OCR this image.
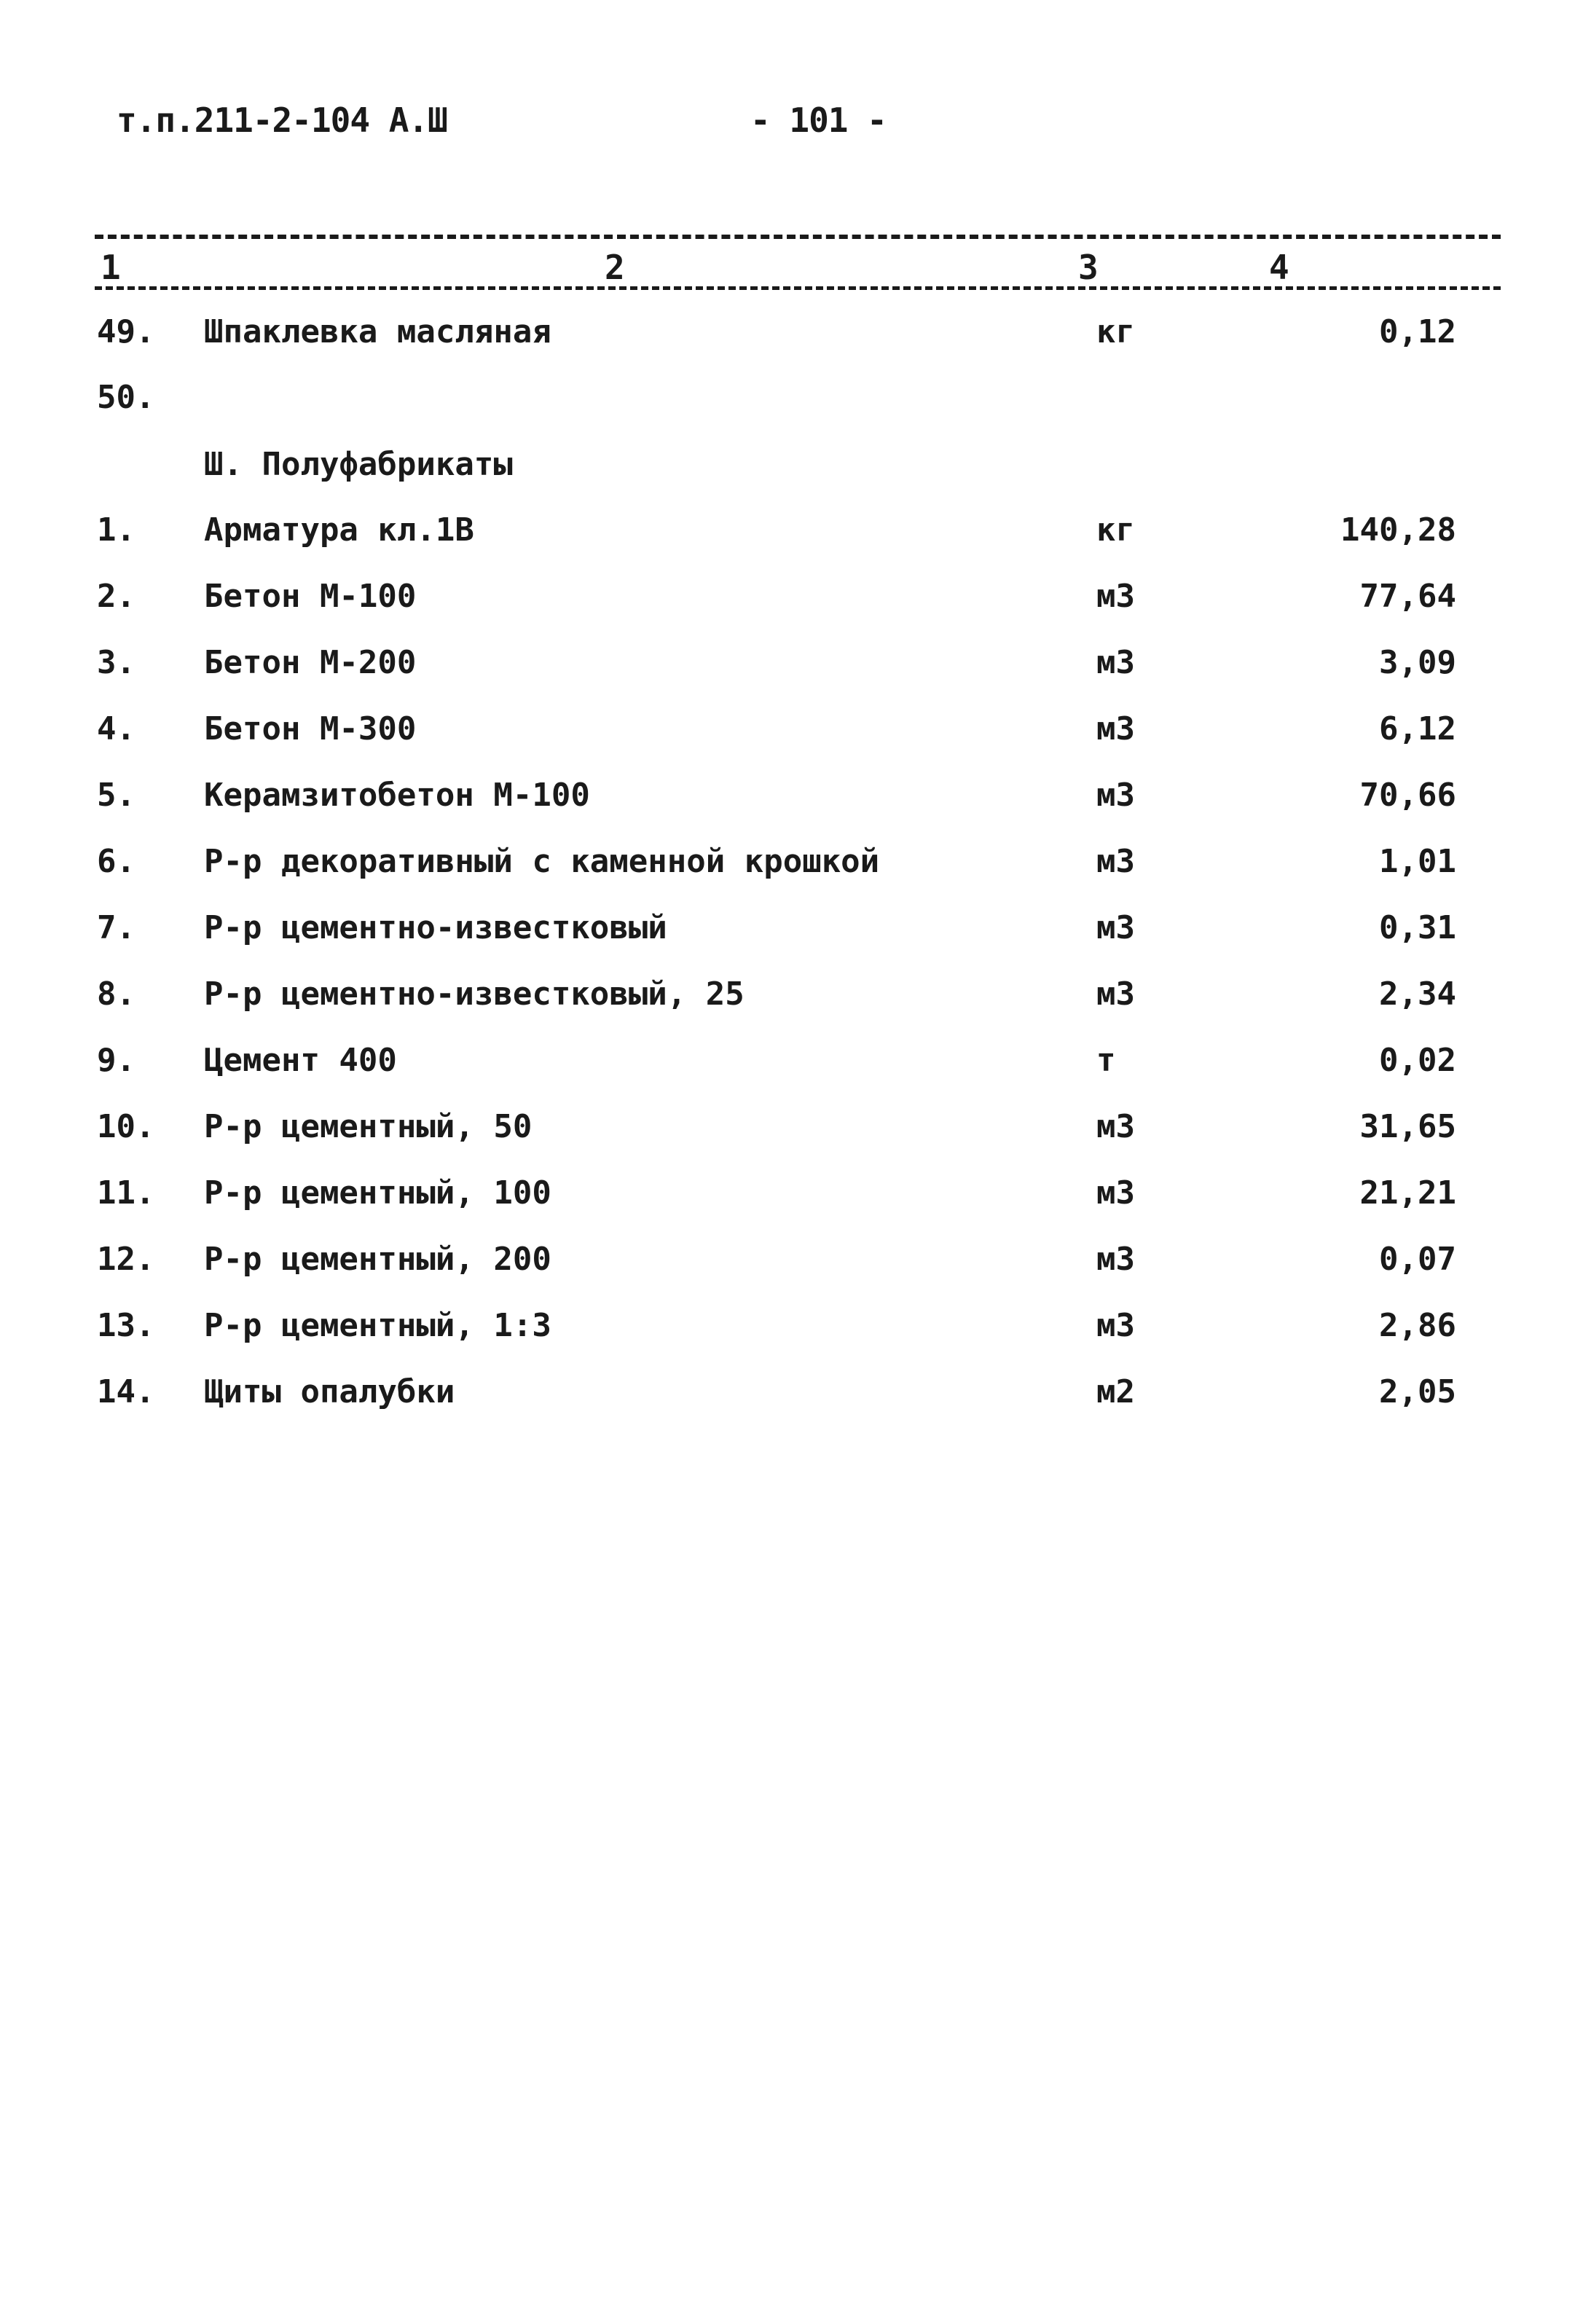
т.п.211-2-104 А.Ш	- 101 -
1	2	3	4
49. Шпаклевка масляная	кг	0,12
50.
Ш. Полуфабрикаты
1. Арматура кл.1В	кг	140,28
2. Бетон М-100	м3	77,64
3. Бетон М-200	м3	3,09
4. Бетон М-300	м3	6,12
5. Керамзитобетон М-100	м3	70,66
6. Р-р декоративный с каменной крошкой	м3	1,01
7. Р-р цементно-известковый	м3	0,31
8. Р-р цементно-известковый, 25	м3	2,34
9. Цемент 400	т	0,02
10. Р-р цементный, 50	м3	31,65
11. Р-р цементный, 100	м3	21,21
12. Р-р цементный, 200	м3	0,07
13. Р-р цементный, 1:3	м3	2,86
14. Щиты опалубки	м2	2,05
